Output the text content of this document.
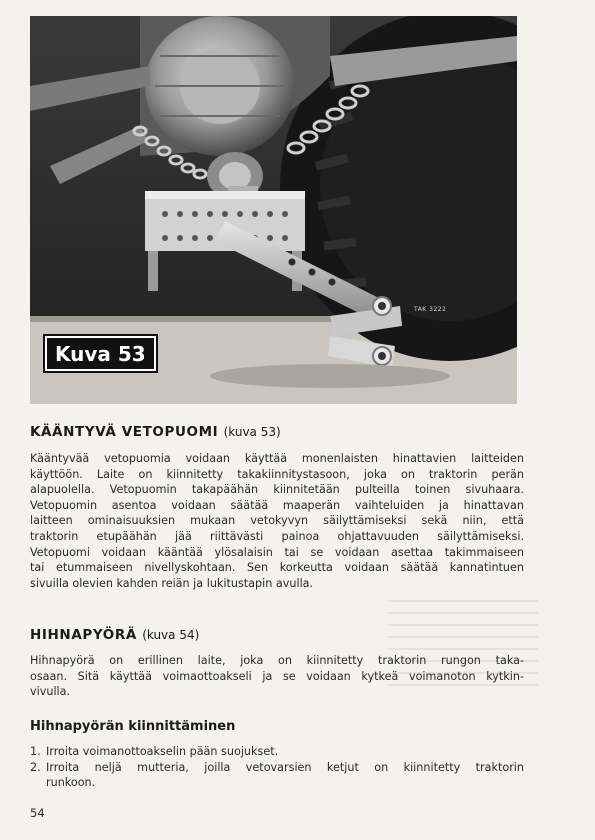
TAK 3222
Kuva 53
KÄÄNTYVÄ VETOPUOMI (kuva 53)
Kääntyvää vetopuomia voidaan käyttää monenlaisten hinattavien laitteiden
käyttöön. Laite on kiinnitetty takakiinnitystasoon, joka on traktorin perän
alapuolella. Vetopuomin takapäähän kiinnitetään pulteilla toinen sivuhaara.
Vetopuomin asentoa voidaan säätää maaperän vaihteluiden ja hinattavan
laitteen ominaisuuksien mukaan vetokyvyn säilyttämiseksi sekä niin, että
traktorin etupäähän jää riittävästi painoa ohjattavuuden säilyttämiseksi.
Vetopuomi voidaan kääntää ylösalaisin tai se voidaan asettaa takimmaiseen
tai etummaiseen nivellyskohtaan. Sen korkeutta voidaan säätää kannatintuen
sivuilla olevien kahden reiän ja lukitustapin avulla.
HIHNAPYÖRÄ (kuva 54)
Hihnapyörä on erillinen laite, joka on kiinnitetty traktorin rungon taka-
osaan. Sitä käyttää voimaottoakseli ja se voidaan kytkeä voimanoton kytkin-
vivulla.
Hihnapyörän kiinnittäminen
1. Irroita voimanottoakselin pään suojukset.
2. Irroita neljä mutteria, joilla vetovarsien ketjut on kiinnitetty traktorin
runkoon.
54
